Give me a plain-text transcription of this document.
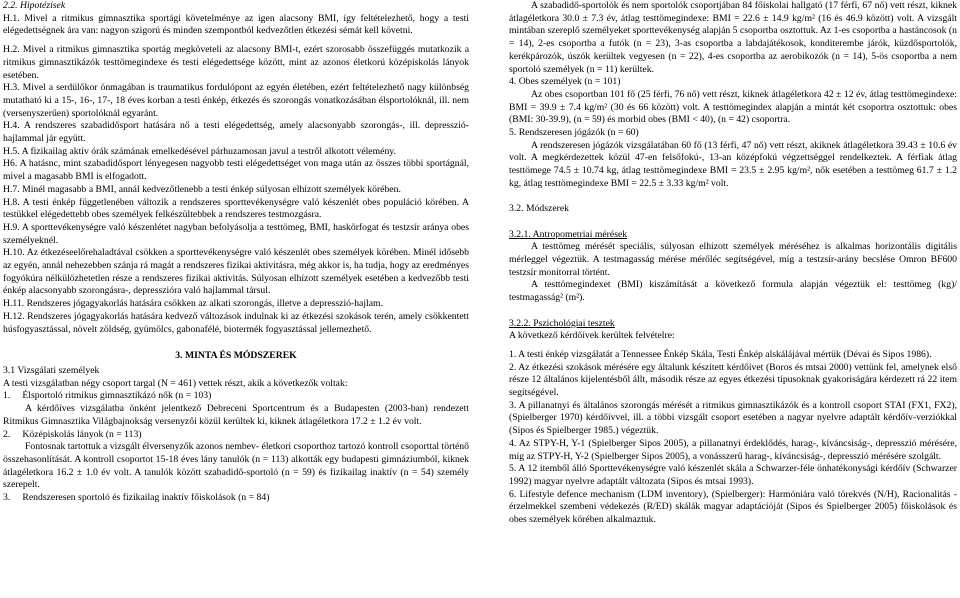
2.2. Hipotézisek

H.1. Mivel a ritmikus gimnasztika sportági követelménye az igen alacsony BMI, így feltételezhető, hogy a testi elégedettségnek ára van: nagyon szigorú és minden szempontból kedvezőtlen étkezési sémát kell követni.

H.2. Mivel a ritmikus gimnasztika sportág megköveteli az alacsony BMI-t, ezért szorosabb összefüggés mutatkozik a ritmikus gimnasztikázók testtömegindexe és testi elégedettsége között, mint az azonos életkorú középiskolás lányok esetében.

H.3. Mivel a serdülőkor önmagában is traumatikus fordulópont az egyén életében, ezért feltételezhető nagy különbség mutatható ki a 15-, 16-, 17-, 18 éves korban a testi énkép, étkezés és szorongás vonatkozásában élsportolóknál, ill. nem (versenyszerűen) sportolóknál egyaránt.

H.4. A rendszeres szabadidősport hatására nő a testi elégedettség, amely alacsonyabb szorongás-, ill. depresszió-hajlammal jár együtt.

H.5. A fizikailag aktív órák számának emelkedésével párhuzamosan javul a testről alkotott vélemény.

H6. A hatásnc, mint szabadidősport lényegesen nagyobb testi elégedettséget von maga után az összes többi sportágnál, mivel a magasabb BMI is elfogadott.

H.7. Minél magasabb a BMI, annál kedvezőtlenebb a testi énkép súlyosan elhízott személyek körében.

H.8. A testi énkép függetlenében változik a rendszeres sporttevékenységre való készenlét obes populáció körében. A testükkel elégedettebb obes személyek felkészültebbek a rendszeres testmozgásra.

H.9. A sporttevékenységre való készenlétet nagyban befolyásolja a testtömeg, BMI, haskörfogat és testzsír aránya obes személyeknél.

H.10. Az étkezéseelőrehaladtával csökken a sporttevékenységre való készenlét obes személyek körében. Minél idősebb az egyén, annál nehezebben szánja rá magát a rendszeres fizikai aktivitásra, még akkor is, ha tudja, hogy az eredményes fogyókúra nélkülözhetetlen része a rendszeres fizikai aktivitás. Súlyosan elhízott személyek esetében a kedvezőbb testi énkép alacsonyabb szorongásra-, depresszióra való hajlammal társul.

H.11. Rendszeres jógagyakorlás hatására csökken az alkati szorongás, illetve a depresszió-hajlam.

H.12. Rendszeres jógagyakorlás hatására kedvező változások indulnak ki az étkezési szokások terén, amely csökkentett húsfogyasztással, növelt zöldség, gyümölcs, gabonafélé, biotermék fogyasztással jellemezhető.

3. MINTA ÉS MÓDSZEREK

3.1 Vizsgálati személyek

A testi vizsgálatban négy csoport targal (N = 461) vettek részt, akik a következők voltak:

1. Élsportoló ritmikus gimnasztikázó nők (n = 103)

A kérdőíves vizsgálatba önként jelentkező Debreceni Sportcentrum és a Budapesten (2003-ban) rendezett Ritmikus Gimnasztika Világbajnokság versenyzői közül kerültek ki, kiknek átlagéletkora 17.2 ± 1.2 év volt.

2. Középiskolás lányok (n = 113)

Fontosnak tartottuk a vizsgált élversenyzők azonos nembev- életkori csoporthoz tartozó kontroll csoporttal történő összehasonlítását. A kontroll csoportot 15-18 éves lány tanulók (n = 113) alkották egy budapesti gimnáziumból, kiknek átlagéletkora 16.2 ± 1.0 év volt. A tanulók között szabadidő-sportoló (n = 59) és fizikailag inaktív (n = 54) személy szerepelt.

3. Rendszeresen sportoló és fizikailag inaktív főiskolások (n = 84)

A szabadidő-sportolók és nem sportolók csoportjában 84 főiskolai hallgató (17 férfi, 67 nő) vett részt, kiknek átlagéletkora 30.0 ± 7.3 év, átlag testtömegindexe: BMI = 22.6 ± 14.9 kg/m² (16 és 46.9 között) volt. A vizsgált mintában szereplő személyeket sporttevékenység alapján 5 csoportba osztottuk. Az 1-es csoportba a hastáncosok (n = 14), 2-es csoportba a futók (n = 23), 3-as csoportba a labdajátékosok, konditerembe járók, küzdősportolók, kerékpározók, úszók kerültek vegyesen (n = 22), 4-es csoportba az aerobikozók (n = 14), 5-ös csoportba a nem sportoló személyek (n = 11) kerültek.

4. Obes személyek (n = 101)

Az obes csoportban 101 fő (25 férfi, 76 nő) vett részt, kiknek átlagéletkora 42 ± 12 év, átlag testtömegindexe: BMI = 39.9 ± 7.4 kg/m² (30 és 66 között) volt. A testtömegindex alapján a mintát két csoportra osztottuk: obes (BMI: 30-39.9), (n = 59) és morbid obes (BMI < 40), (n = 42) csoportra.

5. Rendszeresen jógázók (n = 60)

A rendszeresen jógázók vizsgálatában 60 fő (13 férfi, 47 nő) vett részt, akiknek átlagéletkora 39.43 ± 10.6 év volt. A megkérdezettek közül 47-en felsőfokú-, 13-an középfokú végzettséggel rendelkeztek. A férfiak átlag testtömege 74.5 ± 10.74 kg, átlag testtömegindexe BMI = 23.5 ± 2.95 kg/m², nők esetében a testtömeg 61.7 ± 1.2 kg, átlag testtömegindexe BMI = 22.5 ± 3.33 kg/m² volt.

3.2. Módszerek

3.2.1. Antropometriai mérések

A testtömeg mérését speciális, súlyosan elhízott személyek méréséhez is alkalmas horizontális digitális mérleggel végeztük. A testmagasság mérése mérőléc segítségével, míg a testzsír-arány becslése Omron BF600 testzsír monitorral történt.

A testtömegindexet (BMI) kiszámítását a következő formula alapján végeztük el: testtömeg (kg)/ testmagasság² (m²).

3.2.2. Pszichológiai tesztek

A következő kérdőívek kerültek felvételre:

1. A testi énkép vizsgálatát a Tennessee Énkép Skála, Testi Énkép alskálájával mértük (Dévai és Sipos 1986).

2. Az étkezési szokások mérésére egy általunk készített kérdőívet (Boros és mtsai 2000) vettünk fel, amelynek első része 12 általános kijelentésből állt, második része az egyes étkezési típusoknak gyakoriságára kérdezett rá 22 item segítségével.

3. A pillanatnyi és általános szorongás mérését a ritmikus gimnasztikázók és a kontroll csoport STAI (FX1, FX2), (Spielberger 1970) kérdőívvel, ill. a többi vizsgált csoport esetében a nagyar nyelvre adaptált kérdőív-verziókkal (Sipos és Spielberger 1985.) végeztük.

4. Az STPY-H, Y-1 (Spielberger Sipos 2005), a pillanatnyi érdeklődés, harag-, kíváncsiság-, depresszió mérésére, míg az STPY-H, Y-2 (Spielberger Sipos 2005), a vonásszerű harag-, kíváncsiság-, depresszió mérésére szolgált.

5. A 12 itemből álló Sporttevékenységre való készenlét skála a Schwarzer-féle önhatékonysági kérdőív (Schwarzer 1992) magyar nyelvre adaptált változata (Sipos és mtsai 1993).

6. Lifestyle defence mechanism (LDM inventory), (Spielberger): Harmóniára való törekvés (N/H), Racionalitás - érzelmekkel szembeni védekezés (R/ED) skálák magyar adaptációját (Sipos és Spielberger 2005) főiskolások és obes személyek körében alkalmaztuk.
